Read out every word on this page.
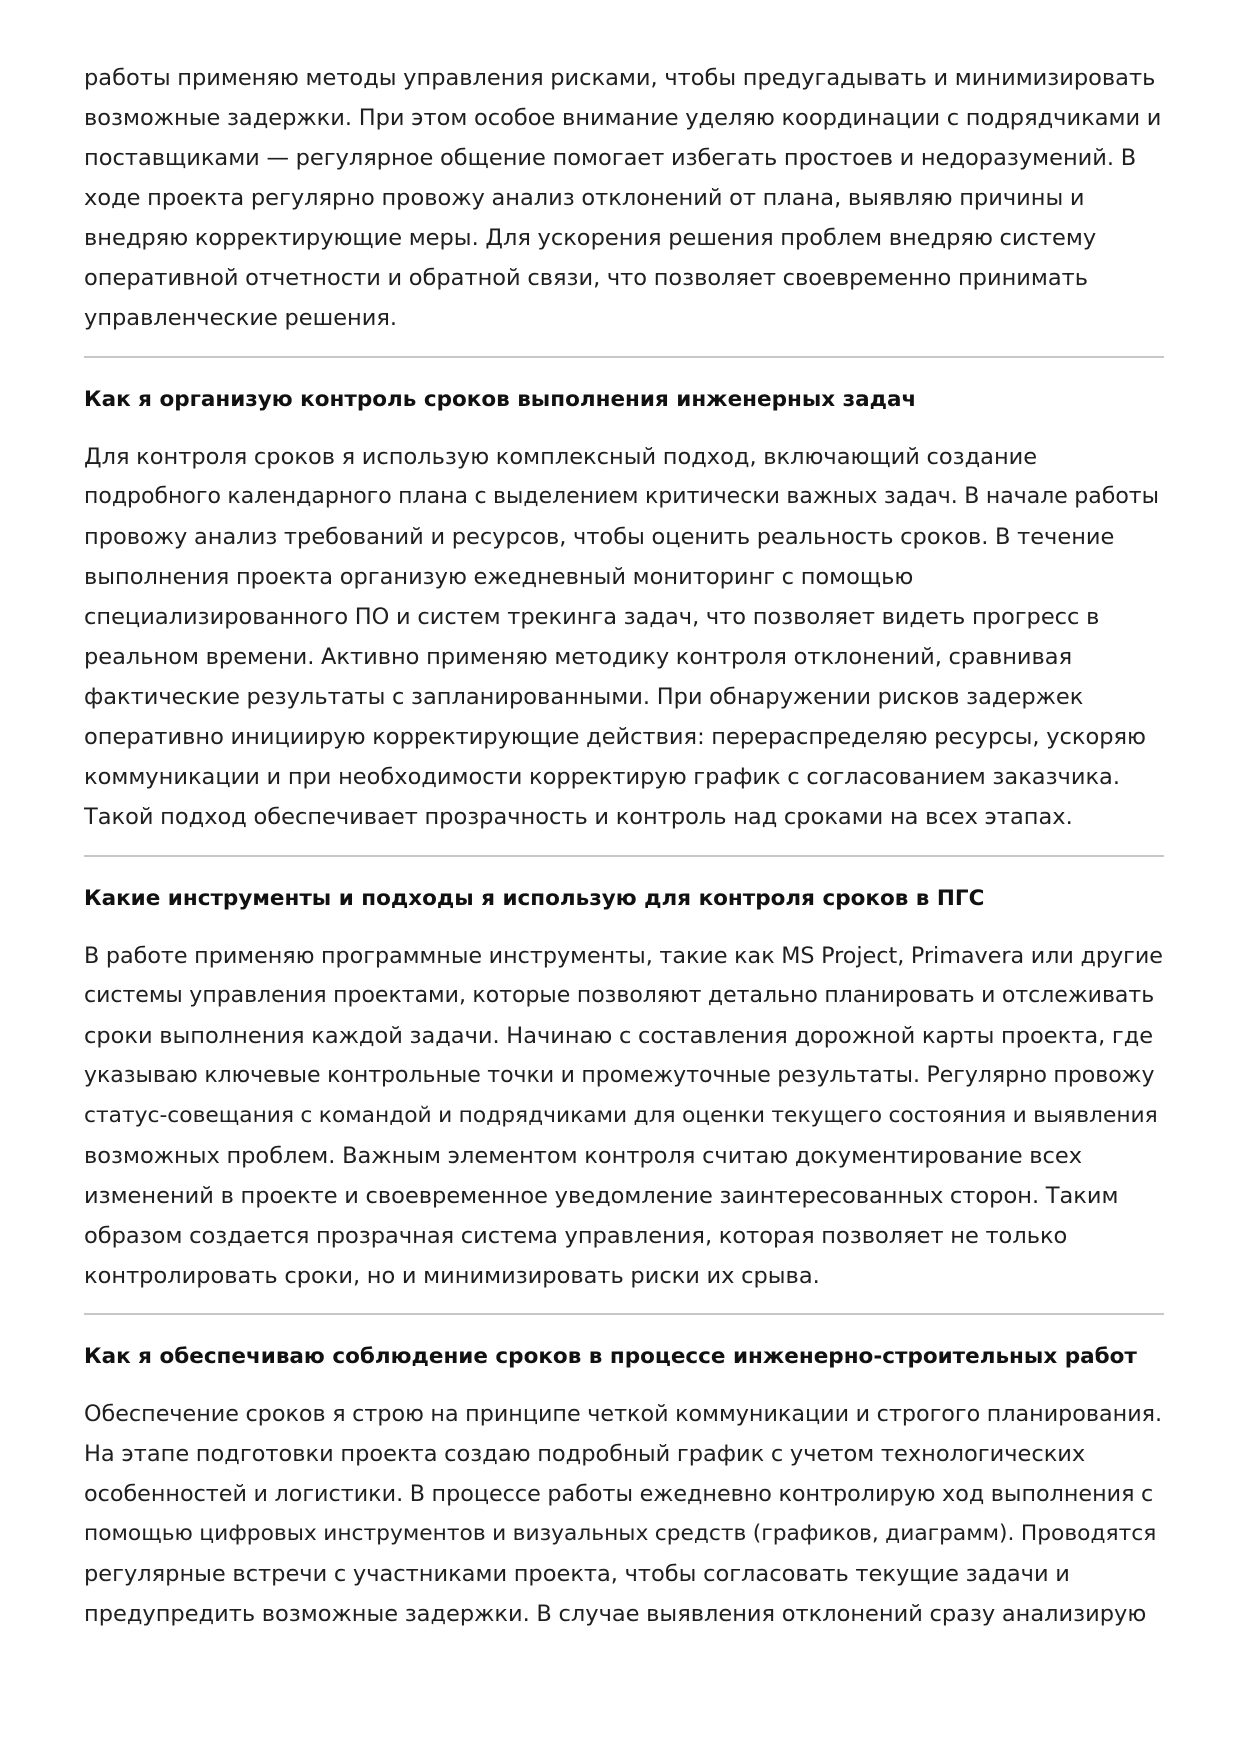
работы применяю методы управления рисками, чтобы предугадывать и минимизировать
возможные задержки. При этом особое внимание уделяю координации с подрядчиками и
поставщиками — регулярное общение помогает избегать простоев и недоразумений. В
ходе проекта регулярно провожу анализ отклонений от плана, выявляю причины и
внедряю корректирующие меры. Для ускорения решения проблем внедряю систему
оперативной отчетности и обратной связи, что позволяет своевременно принимать
управленческие решения.

Как я организую контроль сроков выполнения инженерных задач

Для контроля сроков я использую комплексный подход, включающий создание
подробного календарного плана с выделением критически важных задач. В начале работы
провожу анализ требований и ресурсов, чтобы оценить реальность сроков. В течение
выполнения проекта организую ежедневный мониторинг с помощью
специализированного ПО и систем трекинга задач, что позволяет видеть прогресс в
реальном времени. Активно применяю методику контроля отклонений, сравнивая
фактические результаты с запланированными. При обнаружении рисков задержек
оперативно инициирую корректирующие действия: перераспределяю ресурсы, ускоряю
коммуникации и при необходимости корректирую график с согласованием заказчика.
Такой подход обеспечивает прозрачность и контроль над сроками на всех этапах.

Какие инструменты и подходы я использую для контроля сроков в ПГС

В работе применяю программные инструменты, такие как MS Project, Primavera или другие
системы управления проектами, которые позволяют детально планировать и отслеживать
сроки выполнения каждой задачи. Начинаю с составления дорожной карты проекта, где
указываю ключевые контрольные точки и промежуточные результаты. Регулярно провожу
статус-совещания с командой и подрядчиками для оценки текущего состояния и выявления
возможных проблем. Важным элементом контроля считаю документирование всех
изменений в проекте и своевременное уведомление заинтересованных сторон. Таким
образом создается прозрачная система управления, которая позволяет не только
контролировать сроки, но и минимизировать риски их срыва.

Как я обеспечиваю соблюдение сроков в процессе инженерно-строительных работ

Обеспечение сроков я строю на принципе четкой коммуникации и строгого планирования.
На этапе подготовки проекта создаю подробный график с учетом технологических
особенностей и логистики. В процессе работы ежедневно контролирую ход выполнения с
помощью цифровых инструментов и визуальных средств (графиков, диаграмм). Проводятся
регулярные встречи с участниками проекта, чтобы согласовать текущие задачи и
предупредить возможные задержки. В случае выявления отклонений сразу анализирую
